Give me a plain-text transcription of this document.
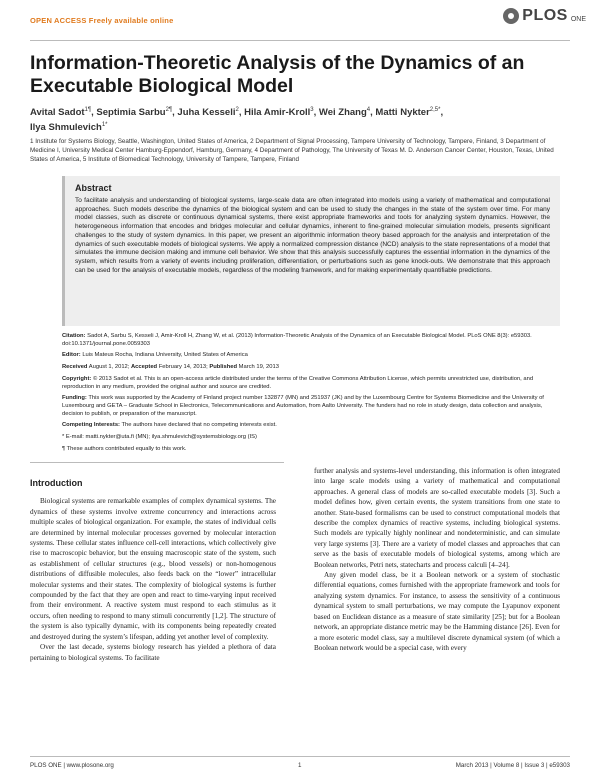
OPEN ACCESS Freely available online	PLOS ONE
Information-Theoretic Analysis of the Dynamics of an Executable Biological Model
Avital Sadot$^{1\P}$, Septimia Sarbu$^{2\P}$, Juha Kesseli$^2$, Hila Amir-Kroll$^3$, Wei Zhang$^4$, Matti Nykter$^{2,5*}$,
Ilya Shmulevich$^{1*}$
1 Institute for Systems Biology, Seattle, Washington, United States of America, 2 Department of Signal Processing, Tampere University of Technology, Tampere, Finland, 3 Department of Medicine I, University Medical Center Hamburg-Eppendorf, Hamburg, Germany, 4 Department of Pathology, The University of Texas M. D. Anderson Cancer Center, Houston, Texas, United States of America, 5 Institute of Biomedical Technology, University of Tampere, Tampere, Finland
Abstract

To facilitate analysis and understanding of biological systems, large-scale data are often integrated into models using a variety of mathematical and computational approaches. Such models describe the dynamics of the biological system and can be used to study the changes in the state of the system over time. For many model classes, such as discrete or continuous dynamical systems, there exist appropriate frameworks and tools for analyzing system dynamics. However, the heterogeneous information that encodes and bridges molecular and cellular dynamics, inherent to fine-grained molecular simulation models, presents significant challenges to the study of system dynamics. In this paper, we present an algorithmic information theory based approach for the analysis and interpretation of the dynamics of such executable models of biological systems. We apply a normalized compression distance (NCD) analysis to the state representations of a model that simulates the immune decision making and immune cell behavior. We show that this analysis successfully captures the essential information in the dynamics of the system, which results from a variety of events including proliferation, differentiation, or perturbations such as gene knock-outs. We demonstrate that this approach can be used for the analysis of executable models, regardless of the modeling framework, and for making experimentally quantifiable predictions.

Citation: Sadot A, Sarbu S, Kesseli J, Amir-Kroll H, Zhang W, et al. (2013) Information-Theoretic Analysis of the Dynamics of an Executable Biological Model. PLoS ONE 8(3): e59303. doi:10.1371/journal.pone.0059303
Editor: Luis Mateus Rocha, Indiana University, United States of America
Received August 1, 2012; Accepted February 14, 2013; Published March 19, 2013
Copyright: © 2013 Sadot et al. This is an open-access article distributed under the terms of the Creative Commons Attribution License, which permits unrestricted use, distribution, and reproduction in any medium, provided the original author and source are credited.
Funding: This work was supported by the Academy of Finland project number 132877 (MN) and 251937 (JK) and by the Luxembourg Centre for Systems Biomedicine and the University of Luxembourg and GETA – Graduate School in Electronics, Telecommunications and Automation, from Aalto University. The funders had no role in study design, data collection and analysis, decision to publish, or preparation of the manuscript.
Competing Interests: The authors have declared that no competing interests exist.
* E-mail: matti.nykter@uta.fi (MN); ilya.shmulevich@systemsbiology.org (IS)
¶ These authors contributed equally to this work.
Introduction

Biological systems are remarkable examples of complex dynamical systems. The dynamics of these systems involve extreme concurrency and interactions across multiple scales of biological organization. For example, the states of individual cells are determined by internal molecular processes governed by molecular interaction systems. These cellular states influence cell-cell interactions, which collectively give rise to macroscopic behavior, but the ensuing macroscopic state of the system, such as establishment of cellular structures (e.g., blood vessels) or non-homogenous distributions of diffusible molecules, also feeds back on the “lower” intracellular molecular systems and their states. The complexity of biological systems is further compounded by the fact that they are open and react to time-varying input received from their environment. A reactive system must respond to each stimulus as it occurs, often needing to respond to many stimuli concurrently [1,2]. The structure of the system is also typically dynamic, with its components being repeatedly created and destroyed during the system’s lifespan, adding yet another level of complexity.

Over the last decade, systems biology research has yielded a plethora of data pertaining to biological systems. To facilitate

further analysis and systems-level understanding, this information is often integrated into large scale models using a variety of mathematical and computational approaches. A general class of models are so-called executable models [3]. Such a model defines how, given certain events, the system transitions from one state to another. State-based formalisms can be used to construct computational models that describe the complex dynamics of reactive systems, including biological systems. Such models are typically highly nonlinear and nondeterministic, and can simulate very large systems [3]. There are a variety of model classes and approaches that can serve as the basis of executable models of biological systems, among which are Boolean networks, Petri nets, statecharts and process calculi [4–24].

Any given model class, be it a Boolean network or a system of stochastic differential equations, comes furnished with the appropriate framework and tools for analyzing system dynamics. For instance, to assess the sensitivity of a continuous dynamical system to small perturbations, we may compute the Lyapunov exponent based on Euclidean distance as a measure of state similarity [25]; but for a Boolean network, an appropriate distance metric may be the Hamming distance [26]. Even for a more esoteric model class, say a multilevel discrete dynamical system (of which a Boolean network would be a special case, with every

PLOS ONE | www.plosone.org	1	March 2013 | Volume 8 | Issue 3 | e59303
